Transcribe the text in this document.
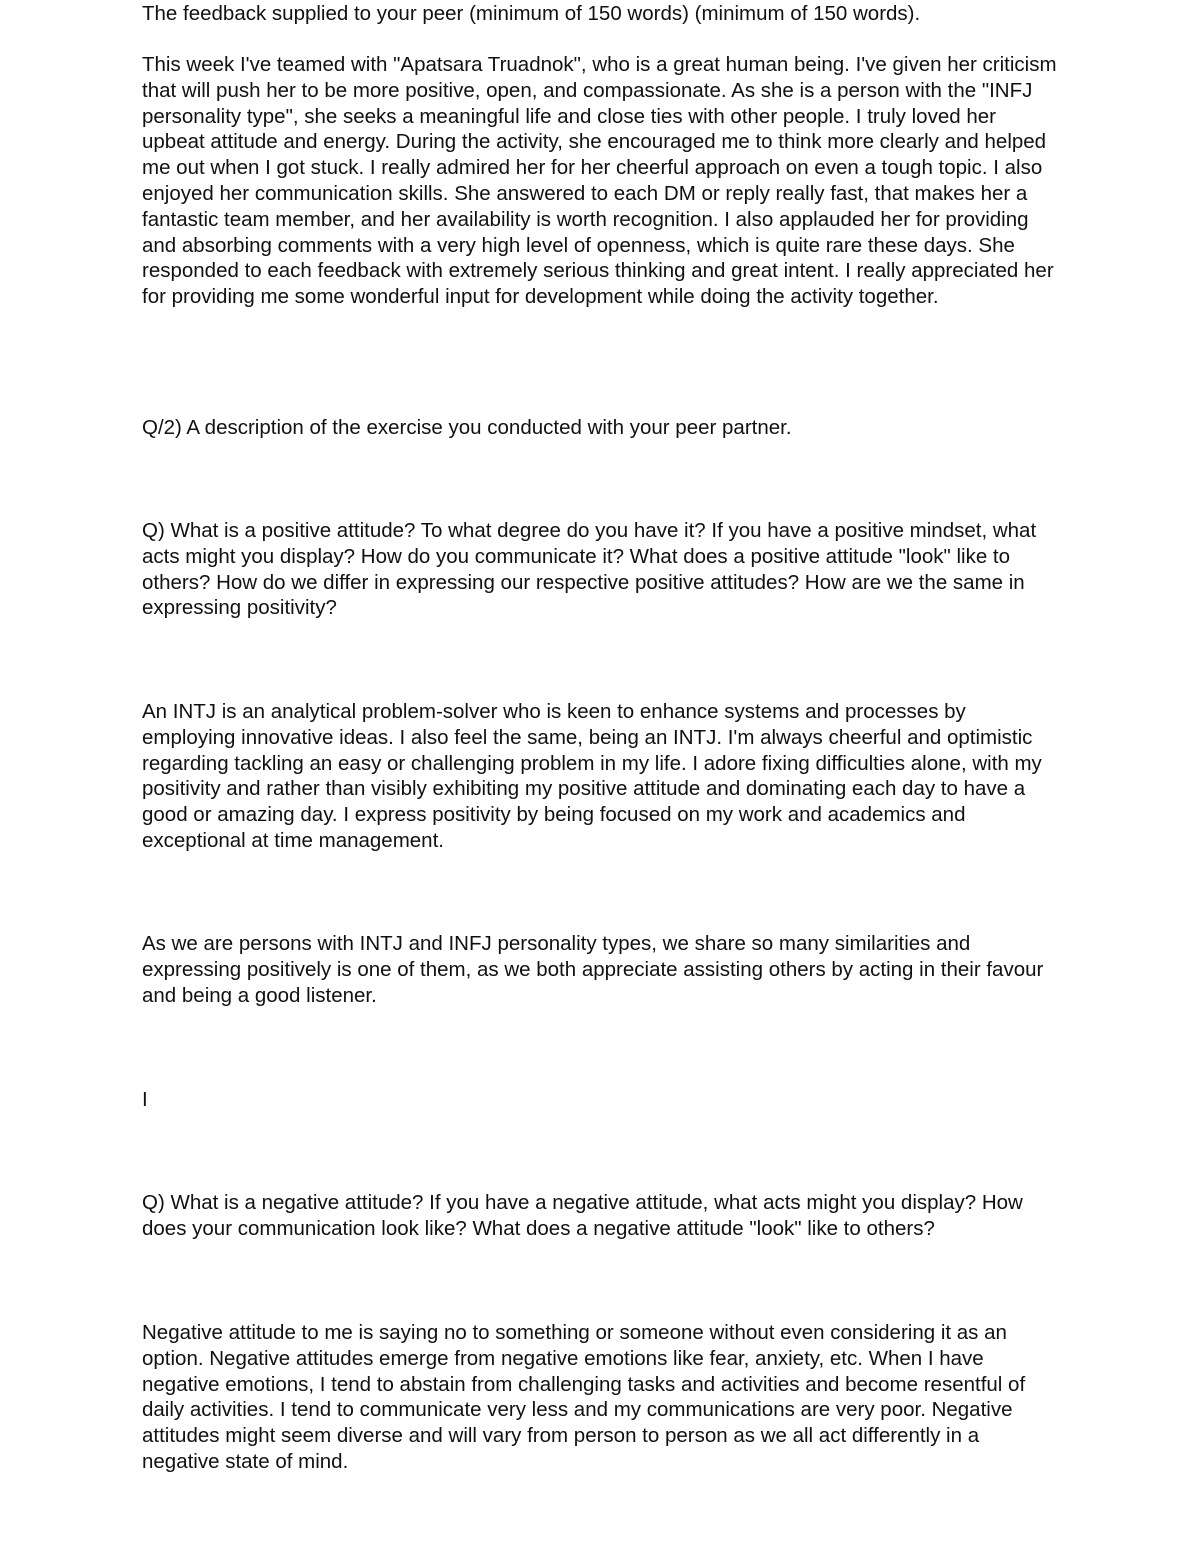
The feedback supplied to your peer (minimum of 150 words) (minimum of 150 words).

This week I've teamed with "Apatsara Truadnok", who is a great human being. I've given her criticism that will push her to be more positive, open, and compassionate. As she is a person with the "INFJ personality type", she seeks a meaningful life and close ties with other people. I truly loved her upbeat attitude and energy. During the activity, she encouraged me to think more clearly and helped me out when I got stuck. I really admired her for her cheerful approach on even a tough topic. I also enjoyed her communication skills. She answered to each DM or reply really fast, that makes her a fantastic team member, and her availability is worth recognition. I also applauded her for providing and absorbing comments with a very high level of openness, which is quite rare these days. She responded to each feedback with extremely serious thinking and great intent. I really appreciated her for providing me some wonderful input for development while doing the activity together.

Q/2) A description of the exercise you conducted with your peer partner.

Q) What is a positive attitude? To what degree do you have it? If you have a positive mindset, what acts might you display? How do you communicate it? What does a positive attitude "look" like to others? How do we differ in expressing our respective positive attitudes? How are we the same in expressing positivity?

An INTJ is an analytical problem-solver who is keen to enhance systems and processes by employing innovative ideas. I also feel the same, being an INTJ. I'm always cheerful and optimistic regarding tackling an easy or challenging problem in my life. I adore fixing difficulties alone, with my positivity and rather than visibly exhibiting my positive attitude and dominating each day to have a good or amazing day. I express positivity by being focused on my work and academics and exceptional at time management.

As we are persons with INTJ and INFJ personality types, we share so many similarities and expressing positively is one of them, as we both appreciate assisting others by acting in their favour and being a good listener.

I

Q) What is a negative attitude? If you have a negative attitude, what acts might you display? How does your communication look like? What does a negative attitude "look" like to others?

Negative attitude to me is saying no to something or someone without even considering it as an option. Negative attitudes emerge from negative emotions like fear, anxiety, etc. When I have negative emotions, I tend to abstain from challenging tasks and activities and become resentful of daily activities. I tend to communicate very less and my communications are very poor. Negative attitudes might seem diverse and will vary from person to person as we all act differently in a negative state of mind.
